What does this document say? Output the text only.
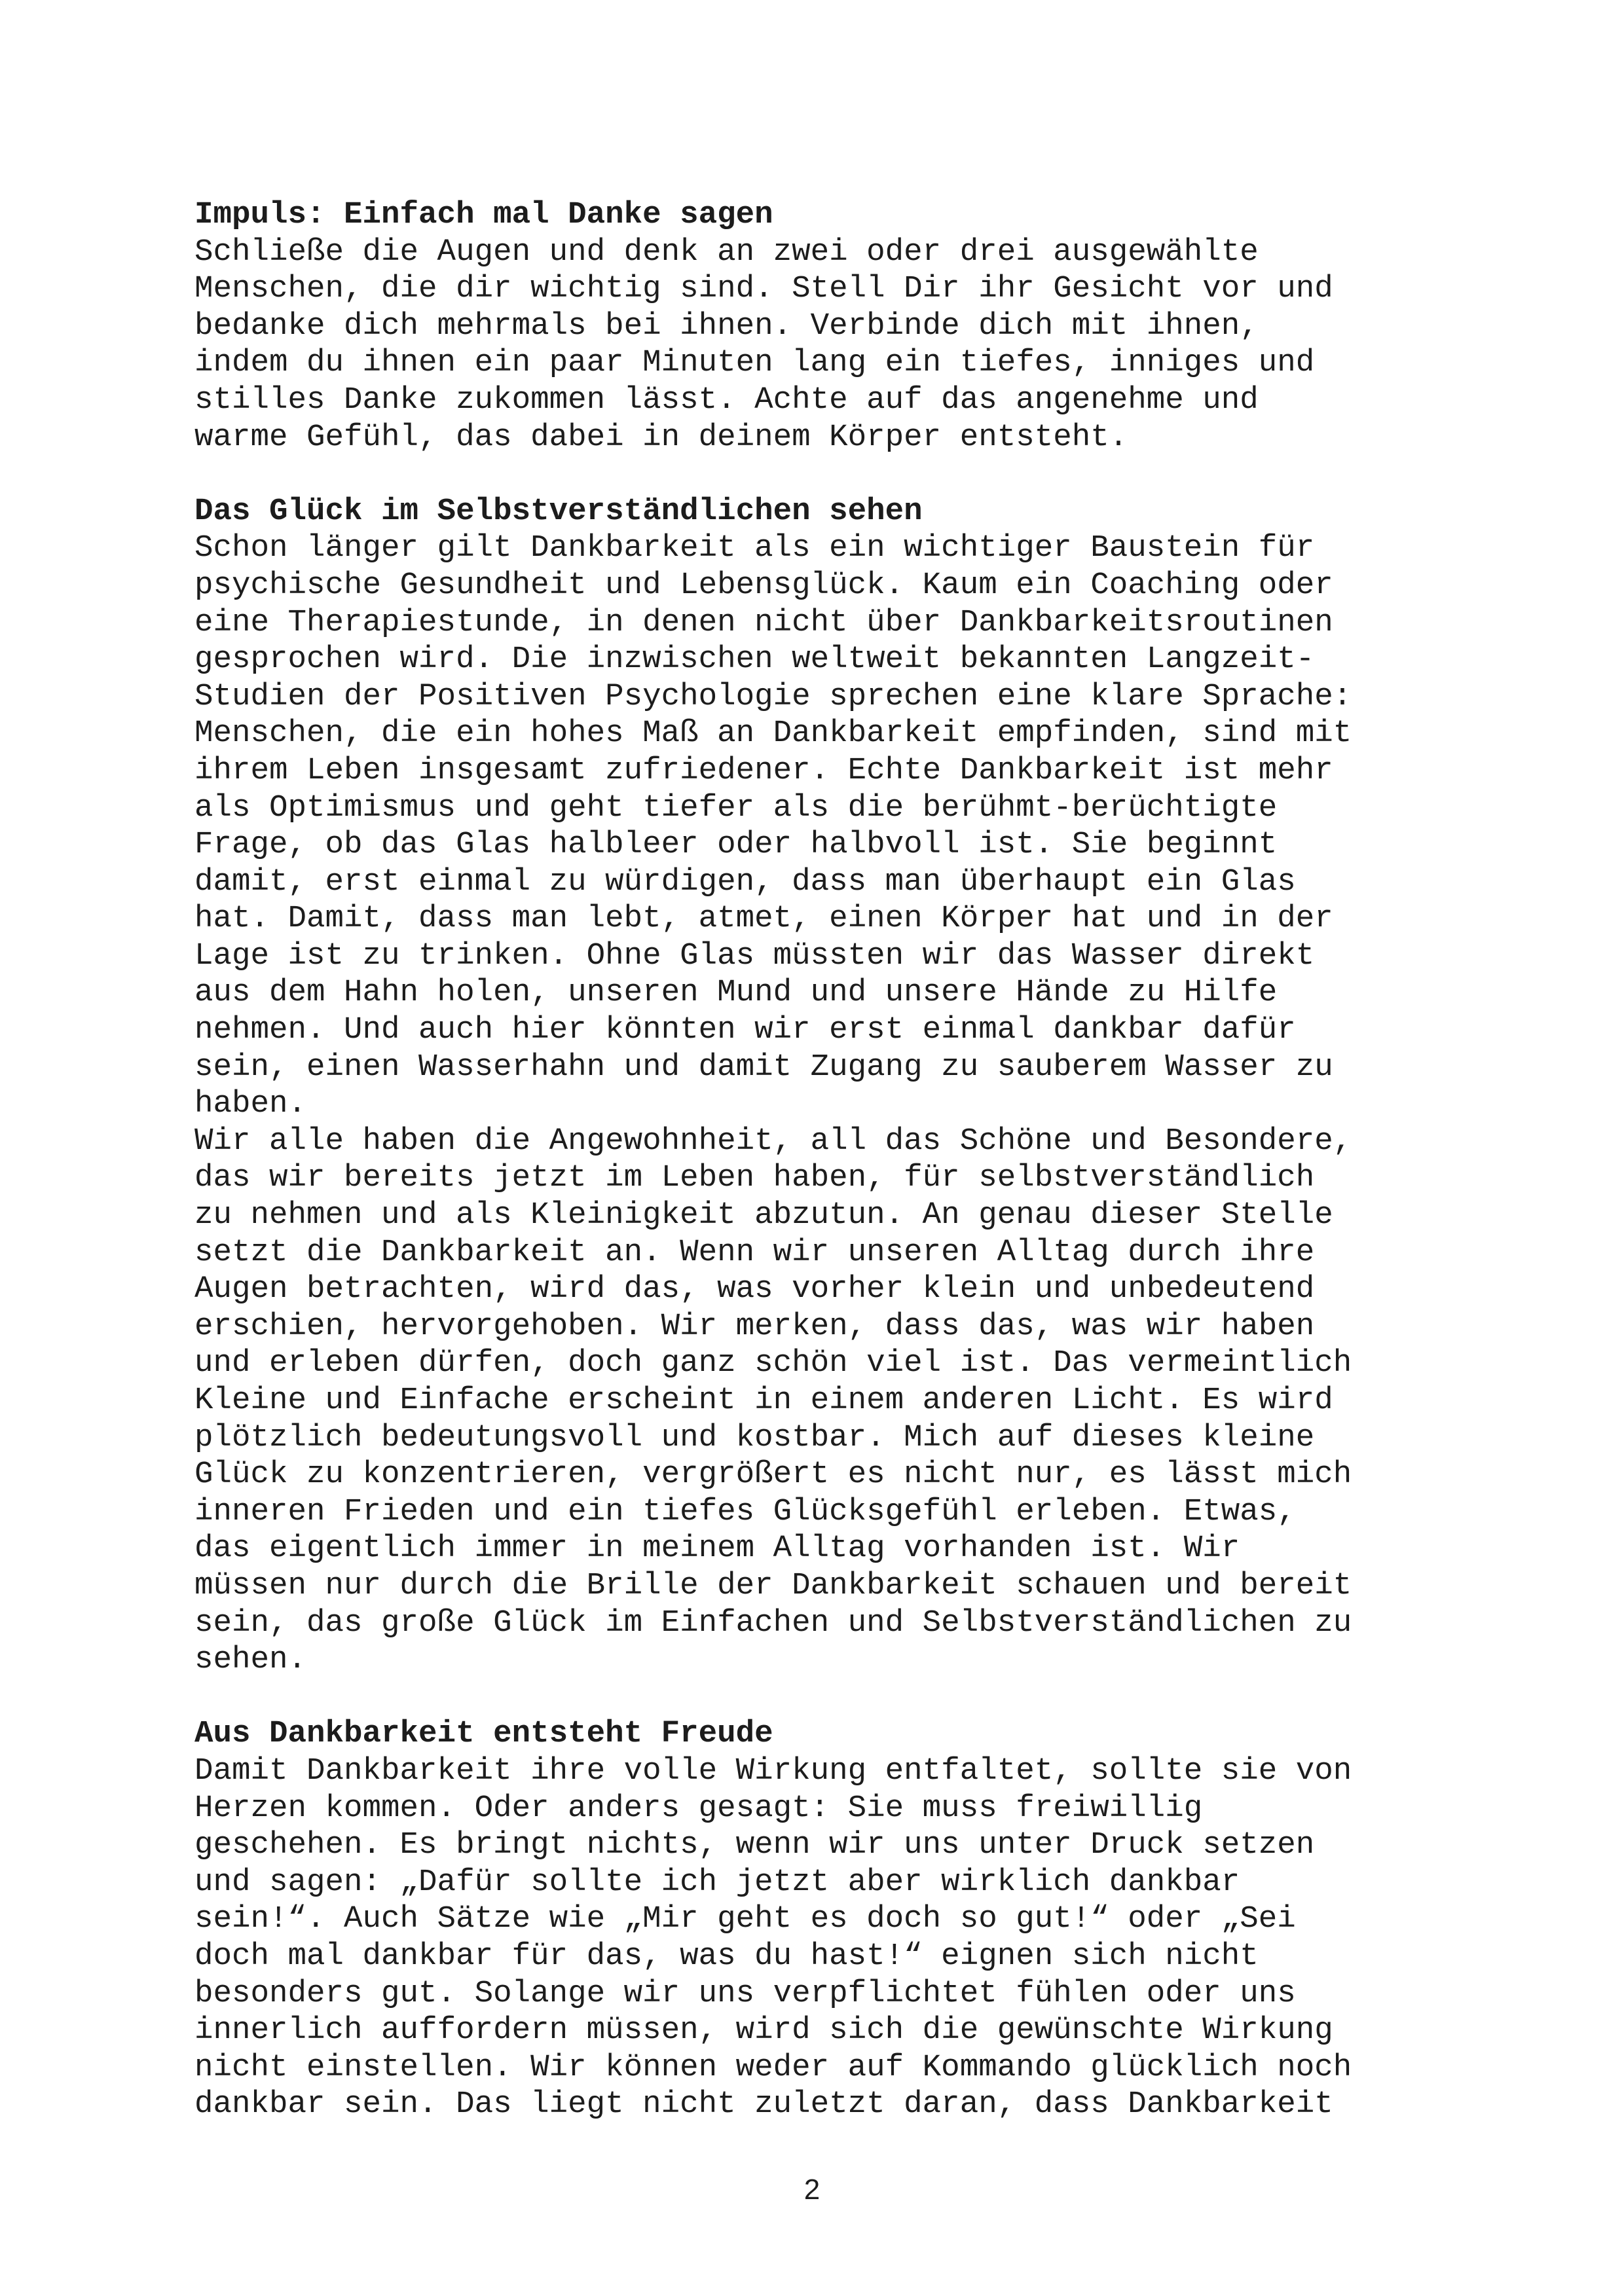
Impuls: Einfach mal Danke sagen
Schließe die Augen und denk an zwei oder drei ausgewählte
Menschen, die dir wichtig sind. Stell Dir ihr Gesicht vor und
bedanke dich mehrmals bei ihnen. Verbinde dich mit ihnen,
indem du ihnen ein paar Minuten lang ein tiefes, inniges und
stilles Danke zukommen lässt. Achte auf das angenehme und
warme Gefühl, das dabei in deinem Körper entsteht.
Das Glück im Selbstverständlichen sehen
Schon länger gilt Dankbarkeit als ein wichtiger Baustein für
psychische Gesundheit und Lebensglück. Kaum ein Coaching oder
eine Therapiestunde, in denen nicht über Dankbarkeitsroutinen
gesprochen wird. Die inzwischen weltweit bekannten Langzeit-
Studien der Positiven Psychologie sprechen eine klare Sprache:
Menschen, die ein hohes Maß an Dankbarkeit empfinden, sind mit
ihrem Leben insgesamt zufriedener. Echte Dankbarkeit ist mehr
als Optimismus und geht tiefer als die berühmt-berüchtigte
Frage, ob das Glas halbleer oder halbvoll ist. Sie beginnt
damit, erst einmal zu würdigen, dass man überhaupt ein Glas
hat. Damit, dass man lebt, atmet, einen Körper hat und in der
Lage ist zu trinken. Ohne Glas müssten wir das Wasser direkt
aus dem Hahn holen, unseren Mund und unsere Hände zu Hilfe
nehmen. Und auch hier könnten wir erst einmal dankbar dafür
sein, einen Wasserhahn und damit Zugang zu sauberem Wasser zu
haben.
Wir alle haben die Angewohnheit, all das Schöne und Besondere,
das wir bereits jetzt im Leben haben, für selbstverständlich
zu nehmen und als Kleinigkeit abzutun. An genau dieser Stelle
setzt die Dankbarkeit an. Wenn wir unseren Alltag durch ihre
Augen betrachten, wird das, was vorher klein und unbedeutend
erschien, hervorgehoben. Wir merken, dass das, was wir haben
und erleben dürfen, doch ganz schön viel ist. Das vermeintlich
Kleine und Einfache erscheint in einem anderen Licht. Es wird
plötzlich bedeutungsvoll und kostbar. Mich auf dieses kleine
Glück zu konzentrieren, vergrößert es nicht nur, es lässt mich
inneren Frieden und ein tiefes Glücksgefühl erleben. Etwas,
das eigentlich immer in meinem Alltag vorhanden ist. Wir
müssen nur durch die Brille der Dankbarkeit schauen und bereit
sein, das große Glück im Einfachen und Selbstverständlichen zu
sehen.
Aus Dankbarkeit entsteht Freude
Damit Dankbarkeit ihre volle Wirkung entfaltet, sollte sie von
Herzen kommen. Oder anders gesagt: Sie muss freiwillig
geschehen. Es bringt nichts, wenn wir uns unter Druck setzen
und sagen: „Dafür sollte ich jetzt aber wirklich dankbar
sein!“. Auch Sätze wie „Mir geht es doch so gut!“ oder „Sei
doch mal dankbar für das, was du hast!“ eignen sich nicht
besonders gut. Solange wir uns verpflichtet fühlen oder uns
innerlich auffordern müssen, wird sich die gewünschte Wirkung
nicht einstellen. Wir können weder auf Kommando glücklich noch
dankbar sein. Das liegt nicht zuletzt daran, dass Dankbarkeit
2
